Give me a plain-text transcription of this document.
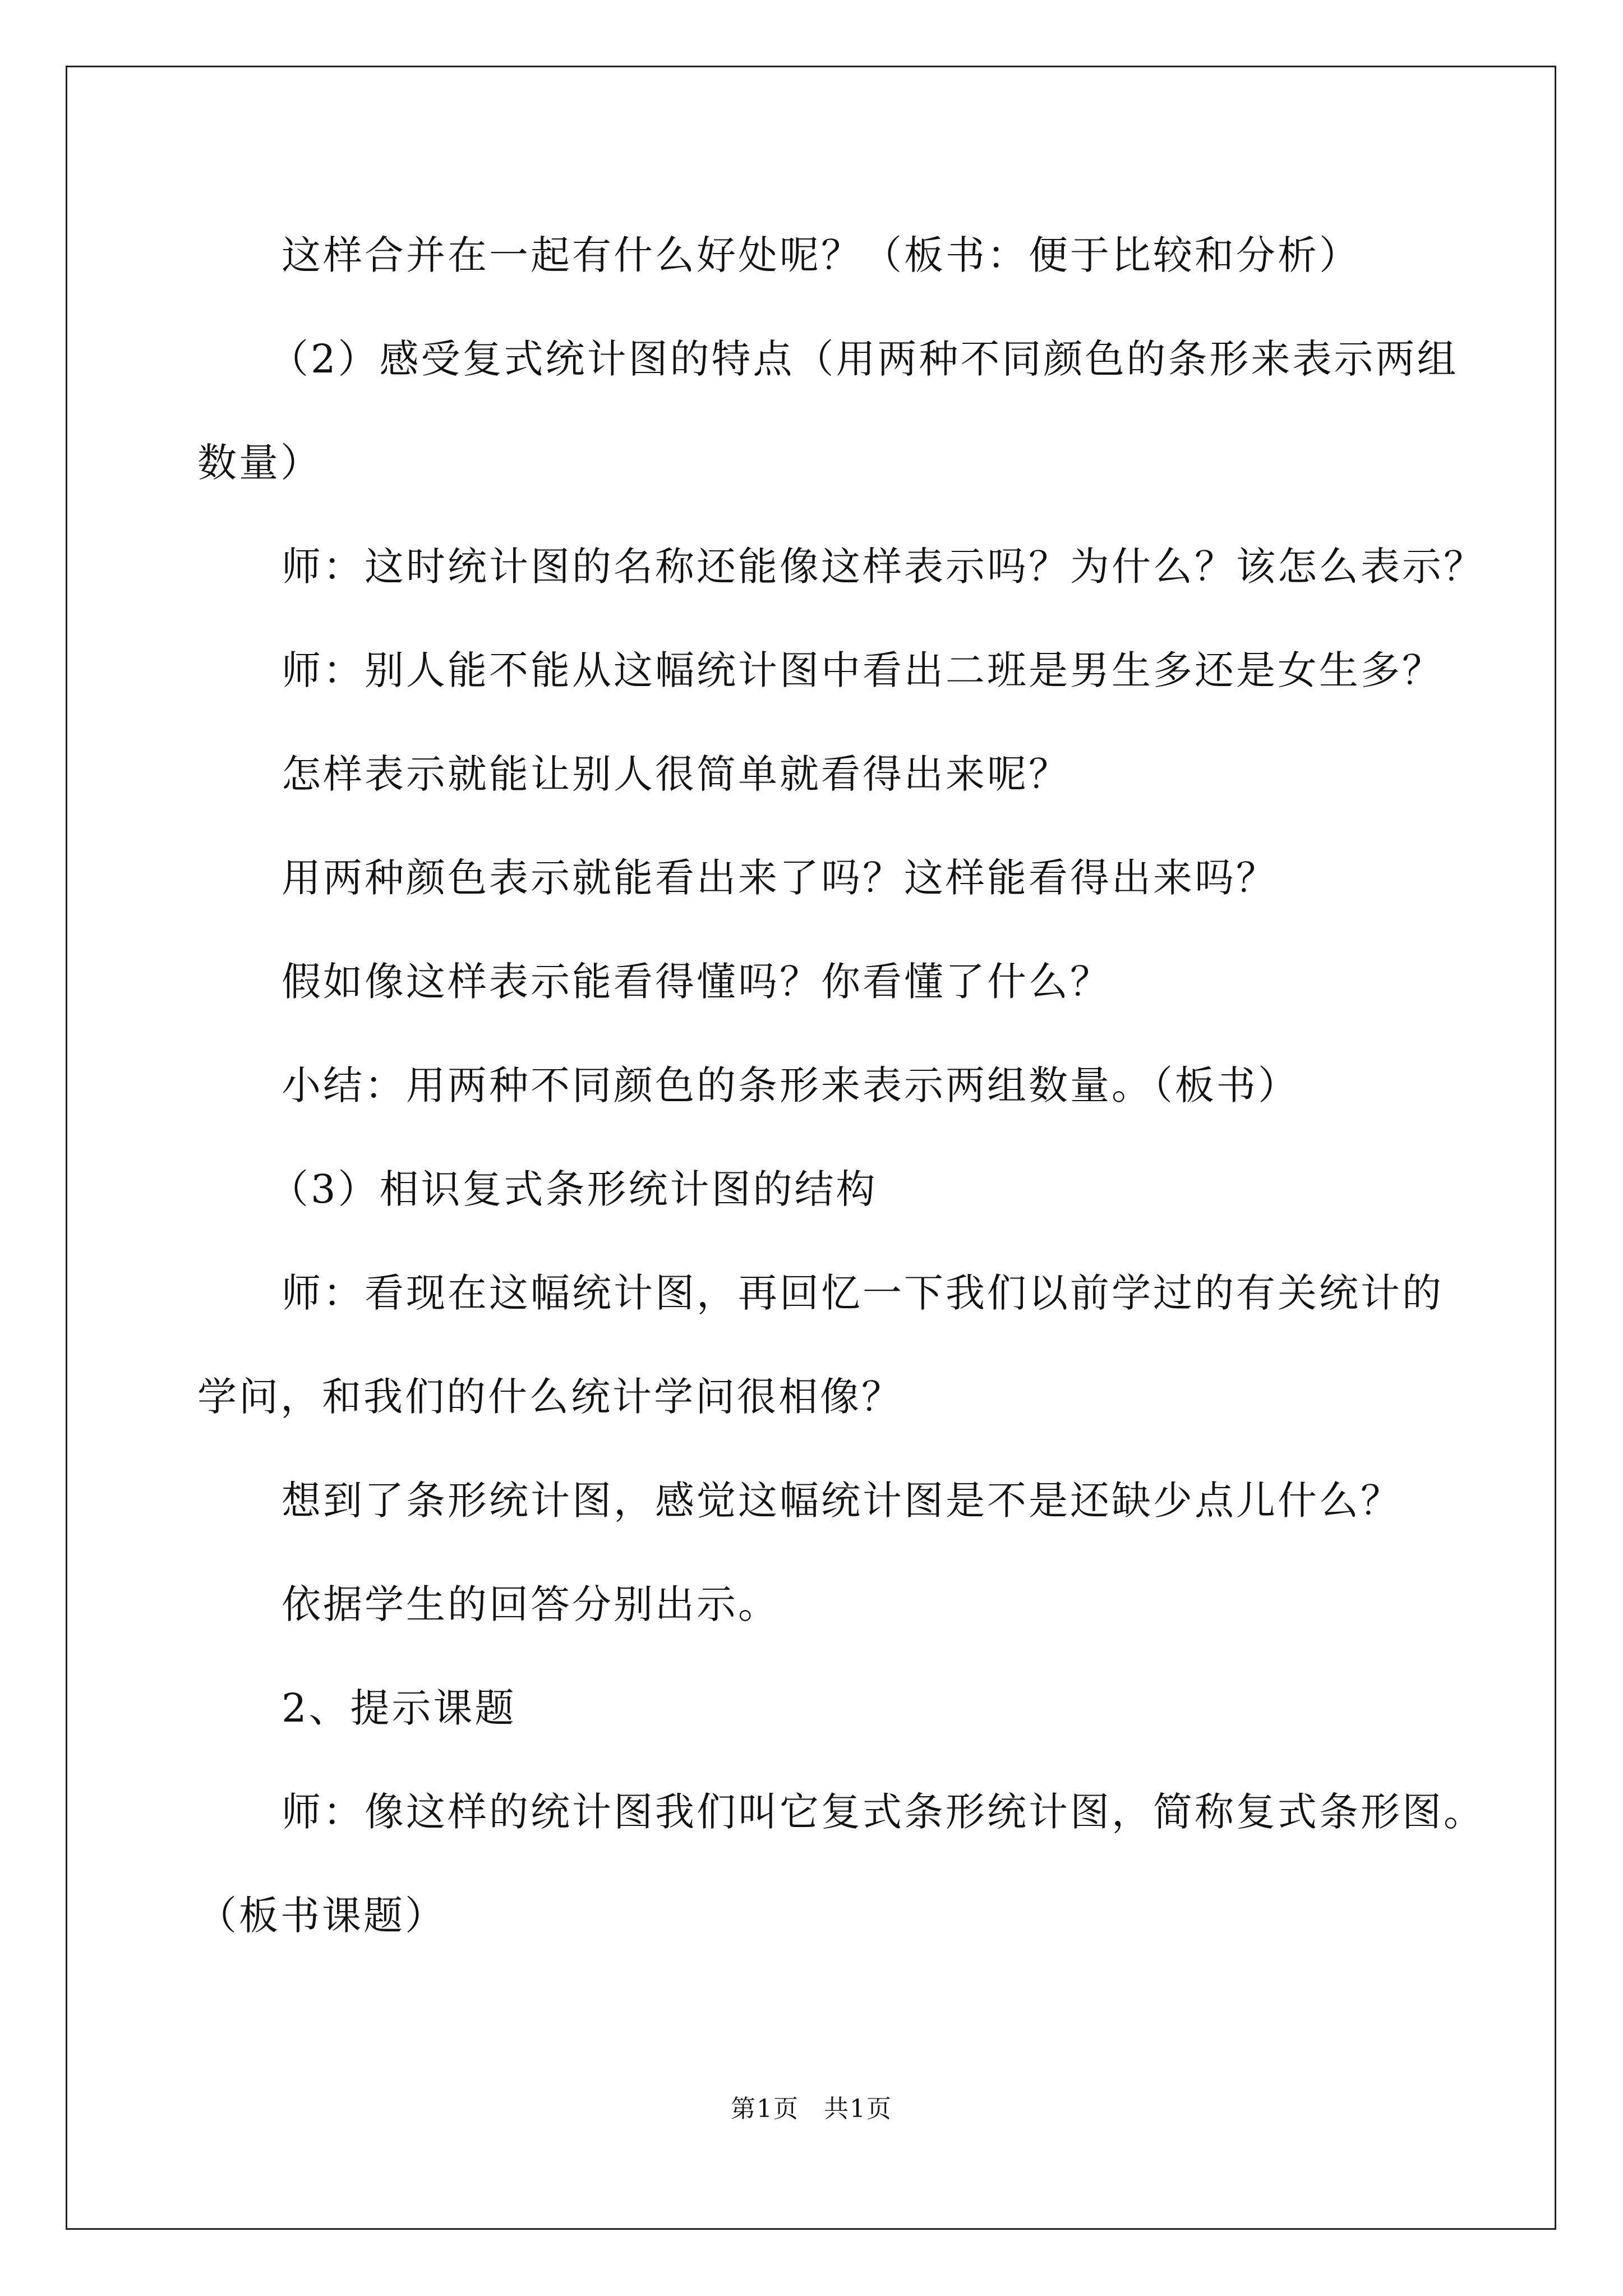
这样合并在一起有什么好处呢？（板书：便于比较和分析）
（2）感受复式统计图的特点（用两种不同颜色的条形来表示两组
数量）
师：这时统计图的名称还能像这样表示吗？为什么？该怎么表示？
师：别人能不能从这幅统计图中看出二班是男生多还是女生多？
怎样表示就能让别人很简单就看得出来呢？
用两种颜色表示就能看出来了吗？这样能看得出来吗？
假如像这样表示能看得懂吗？你看懂了什么？
小结：用两种不同颜色的条形来表示两组数量。（板书）
（3）相识复式条形统计图的结构
师：看现在这幅统计图，再回忆一下我们以前学过的有关统计的
学问，和我们的什么统计学问很相像？
想到了条形统计图，感觉这幅统计图是不是还缺少点儿什么？
依据学生的回答分别出示。
2、提示课题
师：像这样的统计图我们叫它复式条形统计图，简称复式条形图。
（板书课题）
第1页 共1页
